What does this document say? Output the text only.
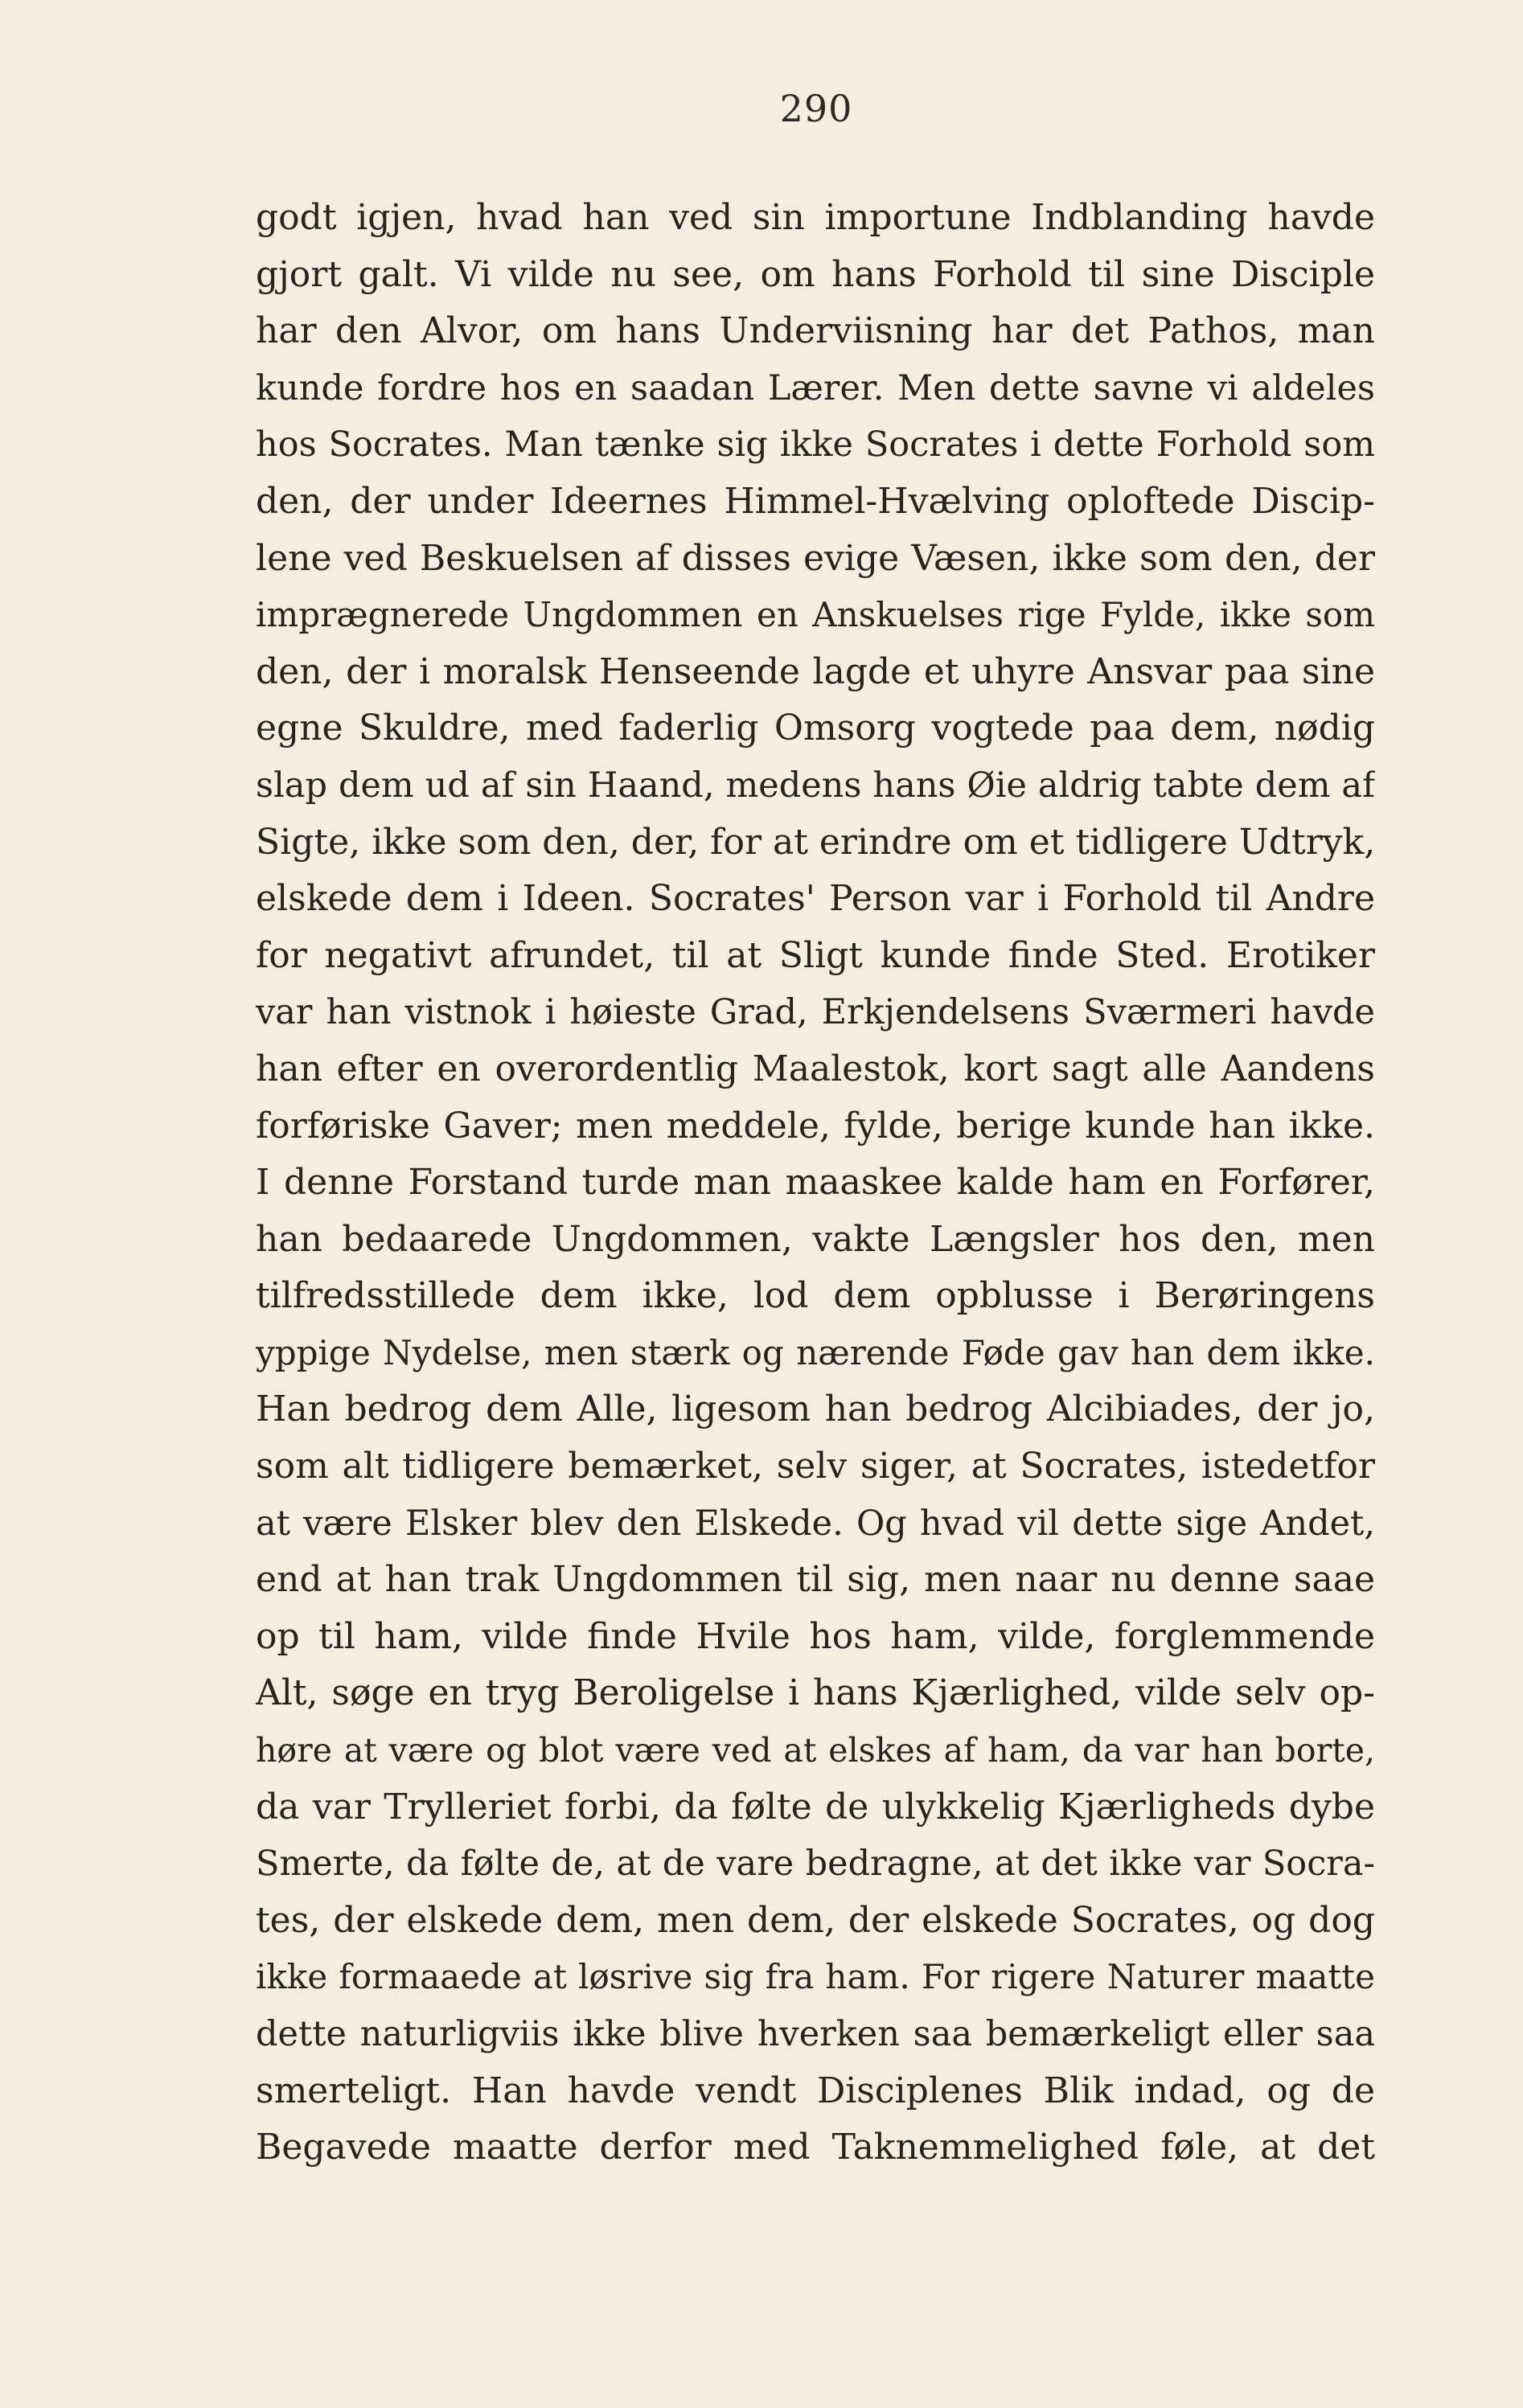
290
godt igjen, hvad han ved sin importune Indblanding havde
gjort galt. Vi vilde nu see, om hans Forhold til sine Disciple
har den Alvor, om hans Underviisning har det Pathos, man
kunde fordre hos en saadan Lærer. Men dette savne vi aldeles
hos Socrates. Man tænke sig ikke Socrates i dette Forhold som
den, der under Ideernes Himmel-Hvælving oploftede Discip-
lene ved Beskuelsen af disses evige Væsen, ikke som den, der
imprægnerede Ungdommen en Anskuelses rige Fylde, ikke som
den, der i moralsk Henseende lagde et uhyre Ansvar paa sine
egne Skuldre, med faderlig Omsorg vogtede paa dem, nødig
slap dem ud af sin Haand, medens hans Øie aldrig tabte dem af
Sigte, ikke som den, der, for at erindre om et tidligere Udtryk,
elskede dem i Ideen. Socrates' Person var i Forhold til Andre
for negativt afrundet, til at Sligt kunde finde Sted. Erotiker
var han vistnok i høieste Grad, Erkjendelsens Sværmeri havde
han efter en overordentlig Maalestok, kort sagt alle Aandens
forføriske Gaver; men meddele, fylde, berige kunde han ikke.
I denne Forstand turde man maaskee kalde ham en Forfører,
han bedaarede Ungdommen, vakte Længsler hos den, men
tilfredsstillede dem ikke, lod dem opblusse i Berøringens
yppige Nydelse, men stærk og nærende Føde gav han dem ikke.
Han bedrog dem Alle, ligesom han bedrog Alcibiades, der jo,
som alt tidligere bemærket, selv siger, at Socrates, istedetfor
at være Elsker blev den Elskede. Og hvad vil dette sige Andet,
end at han trak Ungdommen til sig, men naar nu denne saae
op til ham, vilde finde Hvile hos ham, vilde, forglemmende
Alt, søge en tryg Beroligelse i hans Kjærlighed, vilde selv op-
høre at være og blot være ved at elskes af ham, da var han borte,
da var Trylleriet forbi, da følte de ulykkelig Kjærligheds dybe
Smerte, da følte de, at de vare bedragne, at det ikke var Socra-
tes, der elskede dem, men dem, der elskede Socrates, og dog
ikke formaaede at løsrive sig fra ham. For rigere Naturer maatte
dette naturligviis ikke blive hverken saa bemærkeligt eller saa
smerteligt. Han havde vendt Disciplenes Blik indad, og de
Begavede maatte derfor med Taknemmelighed føle, at det
